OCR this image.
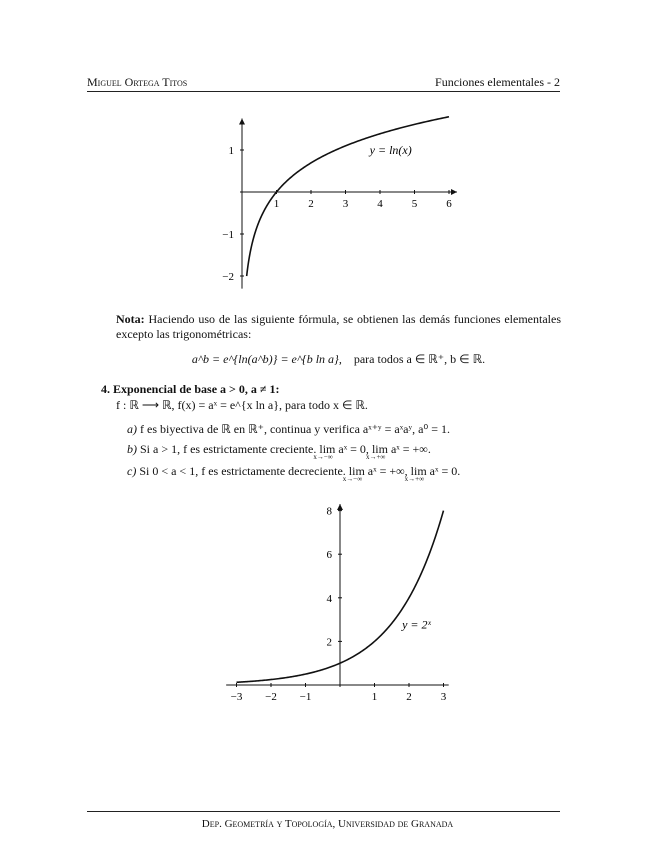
Miguel Ortega Titos	Funciones elementales - 2
1	2	3	4	5	6
1
−1
−2
y = ln(x)
Nota: Haciendo uso de las siguiente fórmula, se obtienen las demás funciones elementales excepto las trigonométricas:
a^b = e^{ln(a^b)} = e^{b ln a}, para todos a ∈ ℝ⁺, b ∈ ℝ.
4. Exponencial de base a > 0, a ≠ 1:
f : ℝ ⟶ ℝ, f(x) = aˣ = e^{x ln a}, para todo x ∈ ℝ.
a) f es biyectiva de ℝ en ℝ⁺, continua y verifica aˣ⁺ʸ = aˣaʸ, a⁰ = 1.
b) Si a > 1, f es estrictamente creciente. lim aˣ = 0,
x→−∞
lim aˣ = +∞.
x→+∞
c) Si 0 < a < 1, f es estrictamente decreciente. lim aˣ = +∞,
x→−∞
lim aˣ = 0.
x→+∞
−3 −2 −1	1	2	3
2
4
6
8
y = 2ˣ
Dep. Geometría y Topología, Universidad de Granada
